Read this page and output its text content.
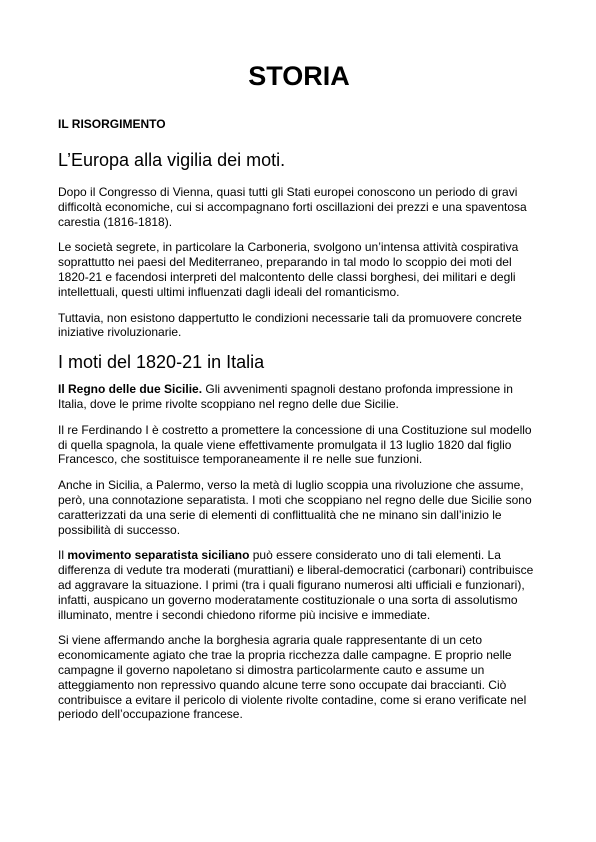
STORIA
IL RISORGIMENTO
L’Europa alla vigilia dei moti.

Dopo il Congresso di Vienna, quasi tutti gli Stati europei conoscono un periodo di gravi difficoltà economiche, cui si accompagnano forti oscillazioni dei prezzi e una spaventosa carestia (1816-1818).

Le società segrete, in particolare la Carboneria, svolgono un’intensa attività cospirativa soprattutto nei paesi del Mediterraneo, preparando in tal modo lo scoppio dei moti del 1820-21 e facendosi interpreti del malcontento delle classi borghesi, dei militari e degli intellettuali, questi ultimi influenzati dagli ideali del romanticismo.

Tuttavia, non esistono dappertutto le condizioni necessarie tali da promuovere concrete iniziative rivoluzionarie.

I moti del 1820-21 in Italia

Il Regno delle due Sicilie. Gli avvenimenti spagnoli destano profonda impressione in Italia, dove le prime rivolte scoppiano nel regno delle due Sicilie.

Il re Ferdinando I è costretto a promettere la concessione di una Costituzione sul modello di quella spagnola, la quale viene effettivamente promulgata il 13 luglio 1820 dal figlio Francesco, che sostituisce temporaneamente il re nelle sue funzioni.

Anche in Sicilia, a Palermo, verso la metà di luglio scoppia una rivoluzione che assume, però, una connotazione separatista. I moti che scoppiano nel regno delle due Sicilie sono caratterizzati da una serie di elementi di conflittualità che ne minano sin dall’inizio le possibilità di successo.

Il movimento separatista siciliano può essere considerato uno di tali elementi. La differenza di vedute tra moderati (murattiani) e liberal-democratici (carbonari) contribuisce ad aggravare la situazione. I primi (tra i quali figurano numerosi alti ufficiali e funzionari), infatti, auspicano un governo moderatamente costituzionale o una sorta di assolutismo illuminato, mentre i secondi chiedono riforme più incisive e immediate.

Si viene affermando anche la borghesia agraria quale rappresentante di un ceto economicamente agiato che trae la propria ricchezza dalle campagne. E proprio nelle campagne il governo napoletano si dimostra particolarmente cauto e assume un atteggiamento non repressivo quando alcune terre sono occupate dai braccianti. Ciò contribuisce a evitare il pericolo di violente rivolte contadine, come si erano verificate nel periodo dell’occupazione francese.
